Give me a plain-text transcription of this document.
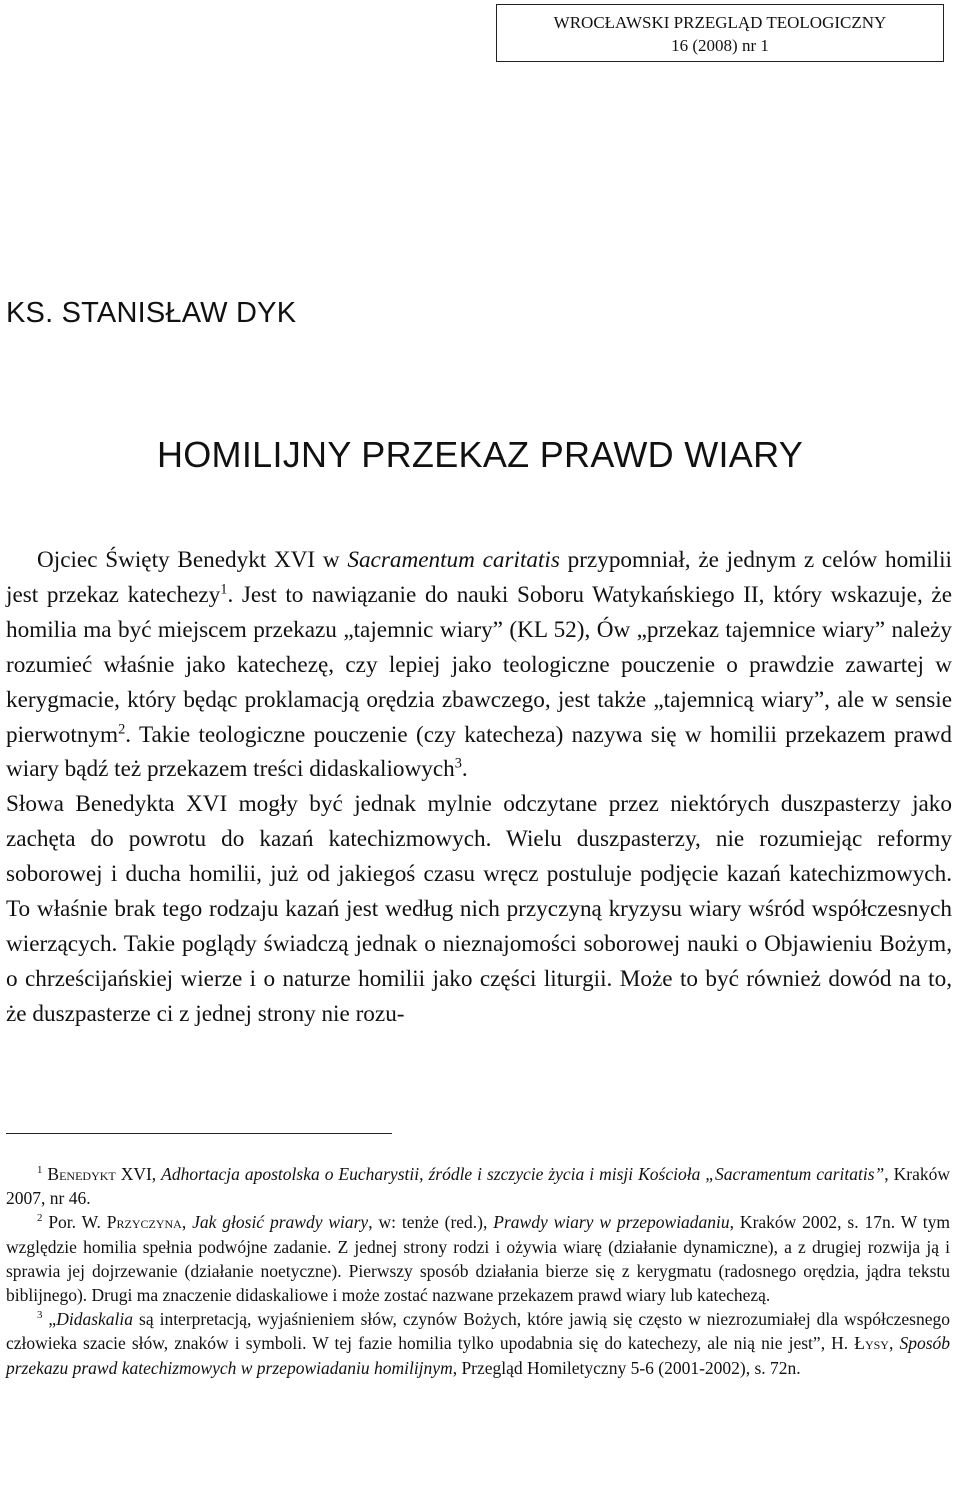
WROCŁAWSKI PRZEGLĄD TEOLOGICZNY
16 (2008) nr 1
KS. STANISŁAW DYK
HOMILIJNY PRZEKAZ PRAWD WIARY

Ojciec Święty Benedykt XVI w Sacramentum caritatis przypomniał, że jednym z celów homilii jest przekaz katechezy$^1$. Jest to nawiązanie do nauki Soboru Watykańskiego II, który wskazuje, że homilia ma być miejscem przekazu „tajemnic wiary” (KL 52), Ów „przekaz tajemnice wiary” należy rozumieć właśnie jako katechezę, czy lepiej jako teologiczne pouczenie o prawdzie zawartej w kerygmacie, który będąc proklamacją orędzia zbawczego, jest także „tajemnicą wiary”, ale w sensie pierwotnym$^2$. Takie teologiczne pouczenie (czy katecheza) nazywa się w homilii przekazem prawd wiary bądź też przekazem treści didaskaliowych$^3$.

Słowa Benedykta XVI mogły być jednak mylnie odczytane przez niektórych duszpasterzy jako zachęta do powrotu do kazań katechizmowych. Wielu duszpasterzy, nie rozumiejąc reformy soborowej i ducha homilii, już od jakiegoś czasu wręcz postuluje podjęcie kazań katechizmowych. To właśnie brak tego rodzaju kazań jest według nich przyczyną kryzysu wiary wśród współczesnych wierzących. Takie poglądy świadczą jednak o nieznajomości soborowej nauki o Objawieniu Bożym, o chrześcijańskiej wierze i o naturze homilii jako części liturgii. Może to być również dowód na to, że duszpasterze ci z jednej strony nie rozu-

$^1$ Benedykt XVI, Adhortacja apostolska o Eucharystii, źródle i szczycie życia i misji Kościoła „Sacramentum caritatis”, Kraków 2007, nr 46.

$^2$ Por. W. Przyczyna, Jak głosić prawdy wiary, w: tenże (red.), Prawdy wiary w przepowiadaniu, Kraków 2002, s. 17n. W tym względzie homilia spełnia podwójne zadanie. Z jednej strony rodzi i ożywia wiarę (działanie dynamiczne), a z drugiej rozwija ją i sprawia jej dojrzewanie (działanie noetyczne). Pierwszy sposób działania bierze się z kerygmatu (radosnego orędzia, jądra tekstu biblijnego). Drugi ma znaczenie didaskaliowe i może zostać nazwane przekazem prawd wiary lub katechezą.

$^3$ „Didaskalia są interpretacją, wyjaśnieniem słów, czynów Bożych, które jawią się często w niezrozumiałej dla współczesnego człowieka szacie słów, znaków i symboli. W tej fazie homilia tylko upodabnia się do katechezy, ale nią nie jest”, H. Łysy, Sposób przekazu prawd katechizmowych w przepowiadaniu homilijnym, Przegląd Homiletyczny 5-6 (2001-2002), s. 72n.
